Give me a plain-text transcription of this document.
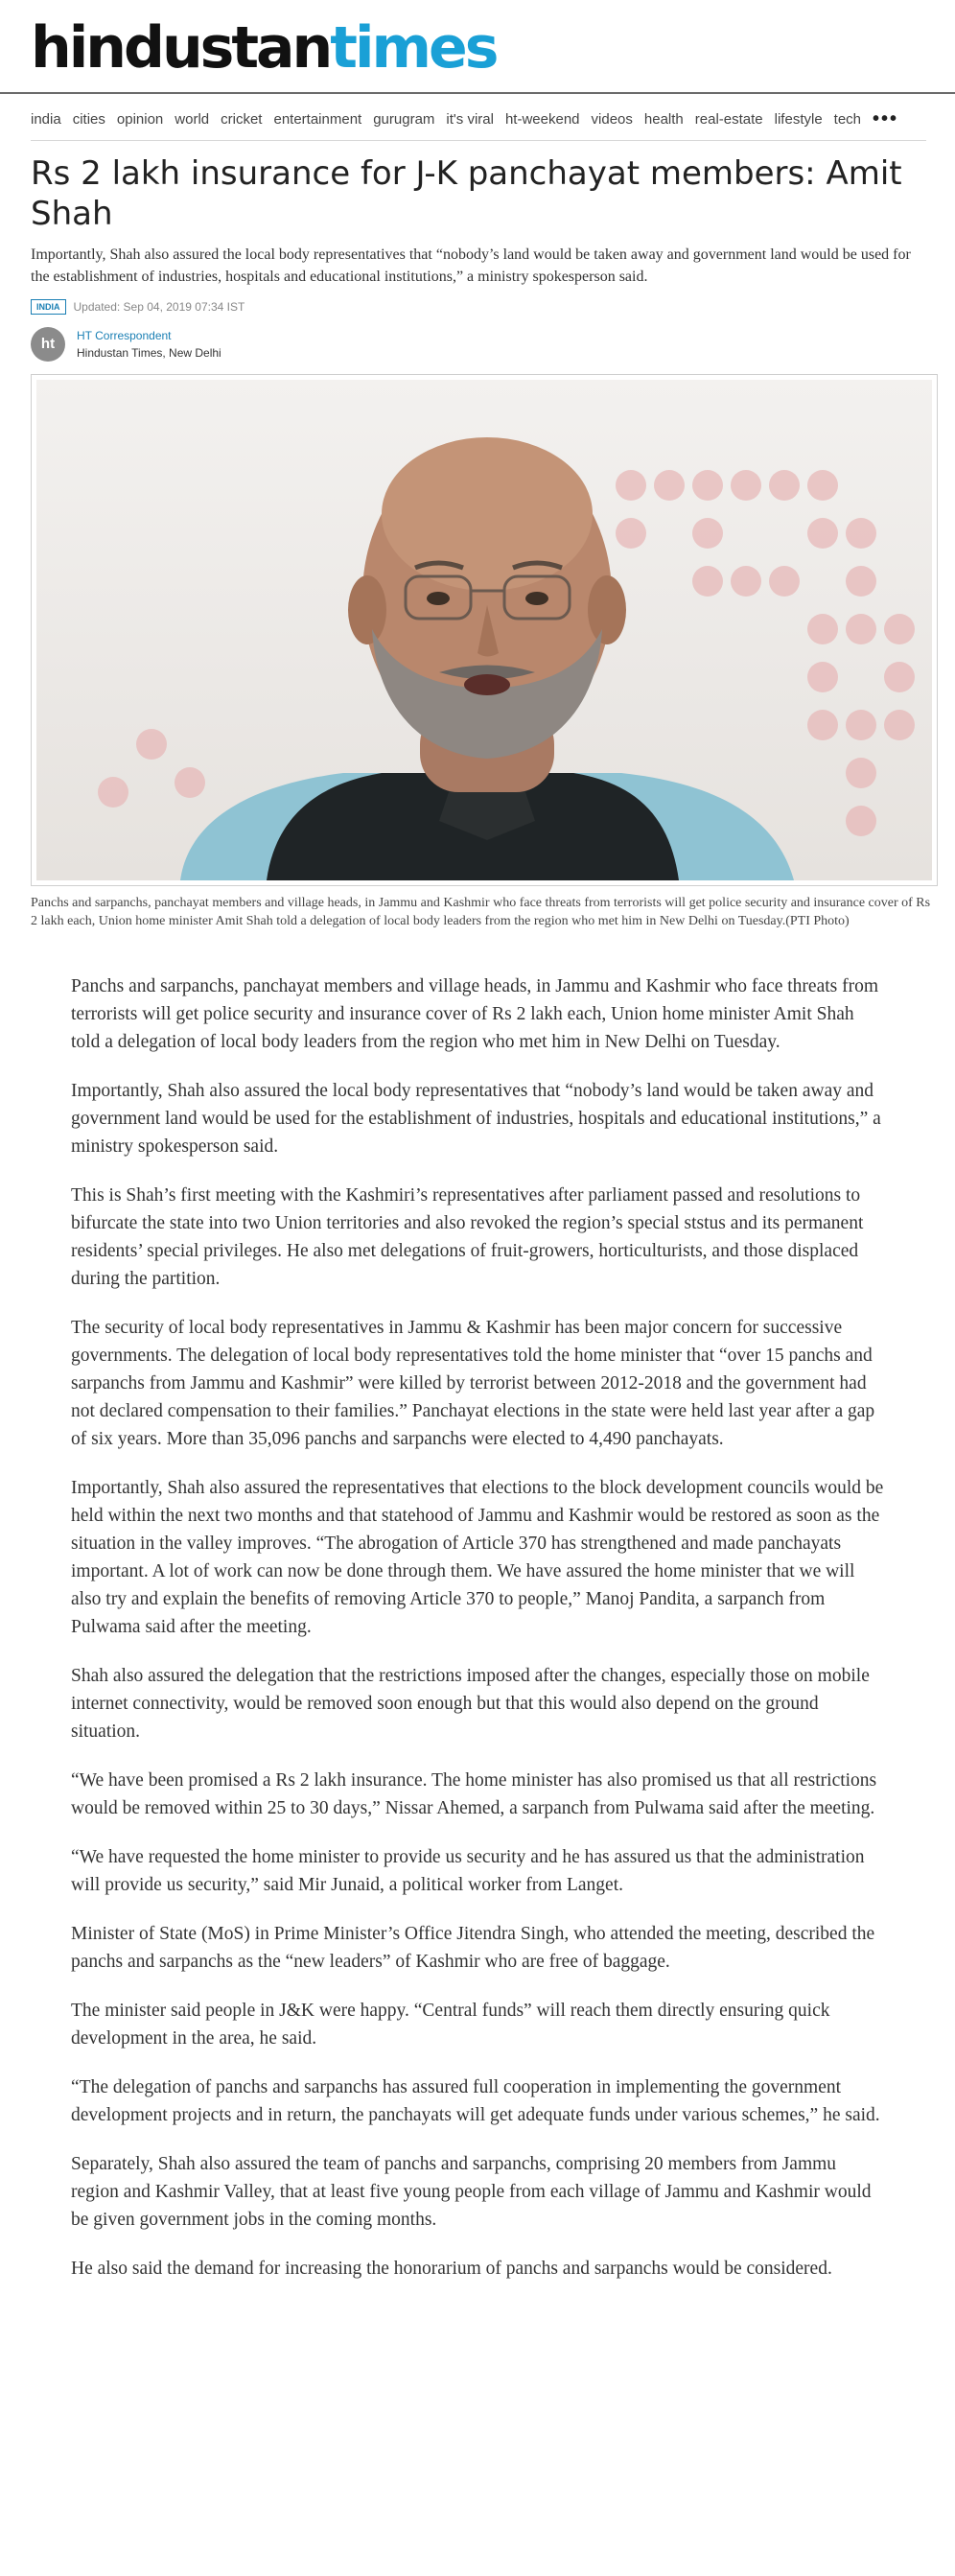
hindustantimes
india cities opinion world cricket entertainment gurugram it's viral ht-weekend videos health real-estate lifestyle tech •••
Rs 2 lakh insurance for J-K panchayat members: Amit Shah

Importantly, Shah also assured the local body representatives that “nobody’s land would be taken away and government land would be used for the establishment of industries, hospitals and educational institutions,” a ministry spokesperson said.

INDIA	Updated: Sep 04, 2019 07:34 IST
ht	HT Correspondent
Hindustan Times, New Delhi

Panchs and sarpanchs, panchayat members and village heads, in Jammu and Kashmir who face threats from terrorists will get police security and insurance cover of Rs 2 lakh each, Union home minister Amit Shah told a delegation of local body leaders from the region who met him in New Delhi on Tuesday.(PTI Photo)

Panchs and sarpanchs, panchayat members and village heads, in Jammu and Kashmir who face threats from terrorists will get police security and insurance cover of Rs 2 lakh each, Union home minister Amit Shah told a delegation of local body leaders from the region who met him in New Delhi on Tuesday.

Importantly, Shah also assured the local body representatives that “nobody’s land would be taken away and government land would be used for the establishment of industries, hospitals and educational institutions,” a ministry spokesperson said.

This is Shah’s first meeting with the Kashmiri’s representatives after parliament passed and resolutions to bifurcate the state into two Union territories and also revoked the region’s special ststus and its permanent residents’ special privileges. He also met delegations of fruit-growers, horticulturists, and those displaced during the partition.

The security of local body representatives in Jammu & Kashmir has been major concern for successive governments. The delegation of local body representatives told the home minister that “over 15 panchs and sarpanchs from Jammu and Kashmir” were killed by terrorist between 2012-2018 and the government had not declared compensation to their families.” Panchayat elections in the state were held last year after a gap of six years. More than 35,096 panchs and sarpanchs were elected to 4,490 panchayats.

Importantly, Shah also assured the representatives that elections to the block development councils would be held within the next two months and that statehood of Jammu and Kashmir would be restored as soon as the situation in the valley improves. “The abrogation of Article 370 has strengthened and made panchayats important. A lot of work can now be done through them. We have assured the home minister that we will also try and explain the benefits of removing Article 370 to people,” Manoj Pandita, a sarpanch from Pulwama said after the meeting.

Shah also assured the delegation that the restrictions imposed after the changes, especially those on mobile internet connectivity, would be removed soon enough but that this would also depend on the ground situation.

“We have been promised a Rs 2 lakh insurance. The home minister has also promised us that all restrictions would be removed within 25 to 30 days,” Nissar Ahemed, a sarpanch from Pulwama said after the meeting.

“We have requested the home minister to provide us security and he has assured us that the administration will provide us security,” said Mir Junaid, a political worker from Langet.

Minister of State (MoS) in Prime Minister’s Office Jitendra Singh, who attended the meeting, described the panchs and sarpanchs as the “new leaders” of Kashmir who are free of baggage.

The minister said people in J&K were happy. “Central funds” will reach them directly ensuring quick development in the area, he said.

“The delegation of panchs and sarpanchs has assured full cooperation in implementing the government development projects and in return, the panchayats will get adequate funds under various schemes,” he said.

Separately, Shah also assured the team of panchs and sarpanchs, comprising 20 members from Jammu region and Kashmir Valley, that at least five young people from each village of Jammu and Kashmir would be given government jobs in the coming months.

He also said the demand for increasing the honorarium of panchs and sarpanchs would be considered.
